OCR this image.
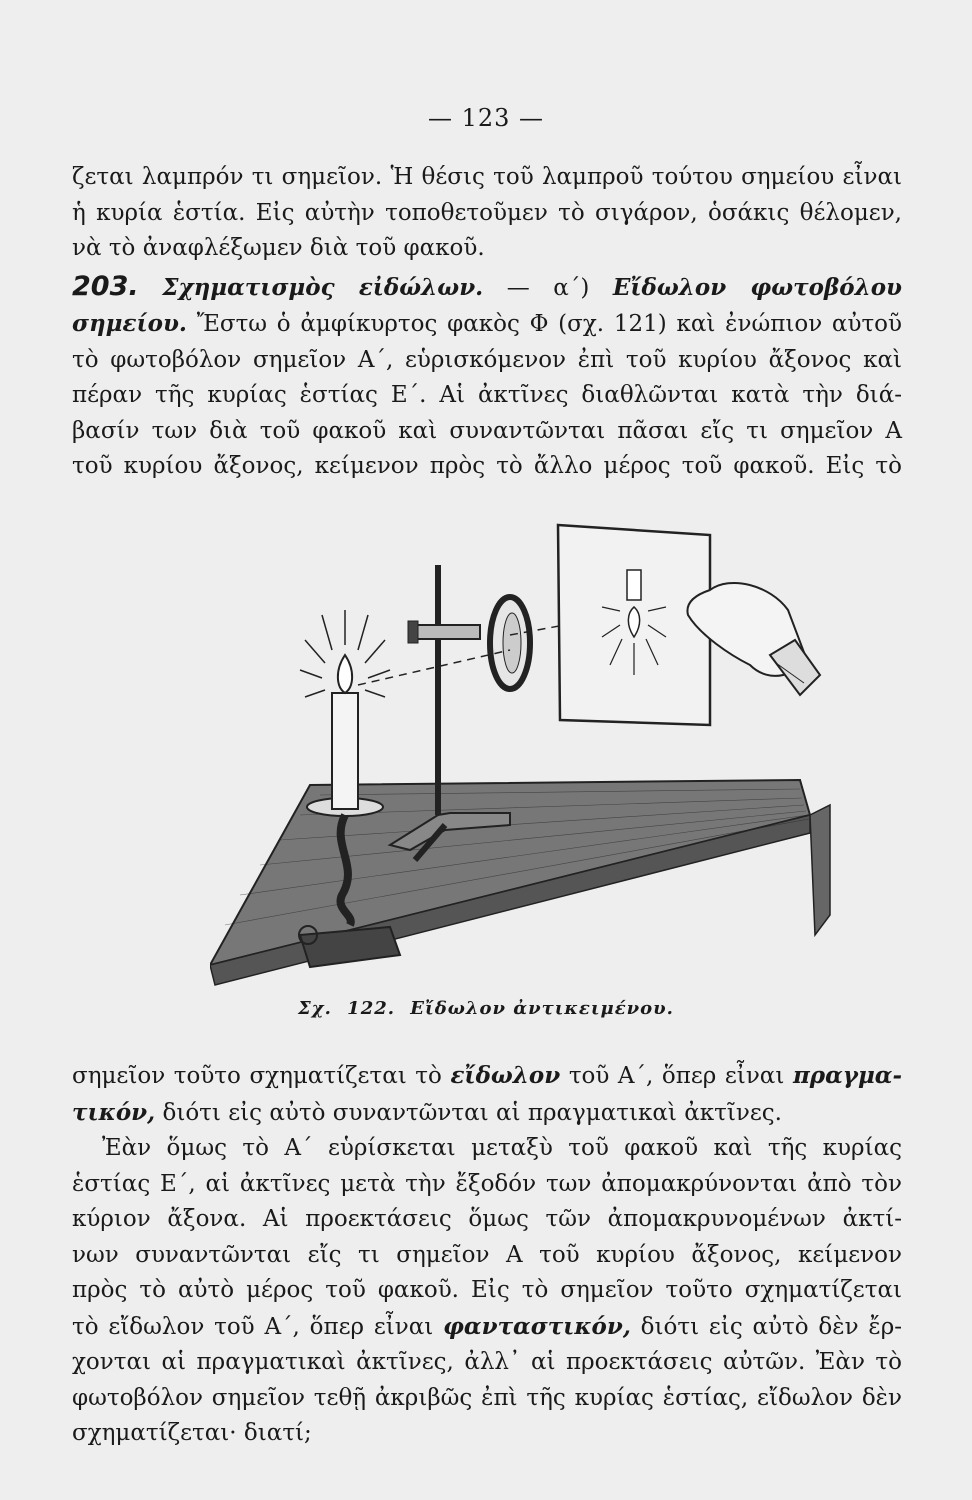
— 123 —
ζεται λαμπρόν τι σημεῖον. Ἡ θέσις τοῦ λαμπροῦ τούτου σημείου εἶναι
ἡ κυρία ἑστία. Εἰς αὐτὴν τοποθετοῦμεν τὸ σιγάρον, ὁσάκις θέλομεν,
νὰ τὸ ἀναφλέξωμεν διὰ τοῦ φακοῦ.
203. Σχηματισμὸς εἰδώλων. — α΄) Εἴδωλον φωτοβόλου
σημείου. Ἔστω ὁ ἀμφίκυρτος φακὸς Φ (σχ. 121) καὶ ἐνώπιον αὐτοῦ
τὸ φωτοβόλον σημεῖον Α΄, εὑρισκόμενον ἐπὶ τοῦ κυρίου ἄξονος καὶ
πέραν τῆς κυρίας ἑστίας Ε΄. Αἱ ἀκτῖνες διαθλῶνται κατὰ τὴν διά-
βασίν των διὰ τοῦ φακοῦ καὶ συναντῶνται πᾶσαι εἴς τι σημεῖον Α
τοῦ κυρίου ἄξονος, κείμενον πρὸς τὸ ἄλλο μέρος τοῦ φακοῦ. Εἰς τὸ
Σχ. 122. Εἴδωλον ἀντικειμένου.
σημεῖον τοῦτο σχηματίζεται τὸ εἴδωλον τοῦ Α΄, ὅπερ εἶναι πραγμα-
τικόν, διότι εἰς αὐτὸ συναντῶνται αἱ πραγματικαὶ ἀκτῖνες.
Ἐὰν ὅμως τὸ Α΄ εὑρίσκεται μεταξὺ τοῦ φακοῦ καὶ τῆς κυρίας
ἑστίας Ε΄, αἱ ἀκτῖνες μετὰ τὴν ἔξοδόν των ἀπομακρύνονται ἀπὸ τὸν
κύριον ἄξονα. Αἱ προεκτάσεις ὅμως τῶν ἀπομακρυνομένων ἀκτί-
νων συναντῶνται εἴς τι σημεῖον Α τοῦ κυρίου ἄξονος, κείμενον
πρὸς τὸ αὐτὸ μέρος τοῦ φακοῦ. Εἰς τὸ σημεῖον τοῦτο σχηματίζεται
τὸ εἴδωλον τοῦ Α΄, ὅπερ εἶναι φανταστικόν, διότι εἰς αὐτὸ δὲν ἔρ-
χονται αἱ πραγματικαὶ ἀκτῖνες, ἀλλ᾽ αἱ προεκτάσεις αὐτῶν. Ἐὰν τὸ
φωτοβόλον σημεῖον τεθῇ ἀκριβῶς ἐπὶ τῆς κυρίας ἑστίας, εἴδωλον δὲν
σχηματίζεται· διατί;
